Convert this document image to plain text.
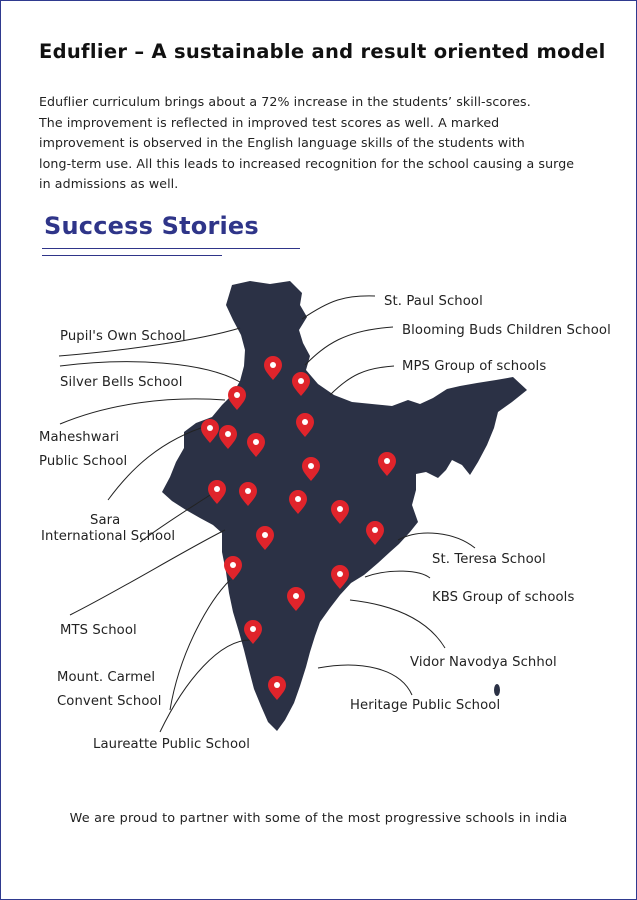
Eduflier – A sustainable and result oriented model
Eduflier curriculum brings about a 72% increase in the students’ skill-scores.
The improvement is reflected in improved test scores as well. A marked
improvement is observed in the English language skills of the students with
long-term use. All this leads to increased recognition for the school causing a surge
in admissions as well.
Success Stories
St. Paul School
Blooming Buds Children School
MPS Group of schools
St. Teresa School
KBS Group of schools
Vidor Navodya Schhol
Heritage Public School
Pupil's Own School
Silver Bells School
Maheshwari
Public School
Sara
International School
MTS School
Mount. Carmel
Convent School
Laureatte Public School
We are proud to partner with some of the most progressive schools in india
